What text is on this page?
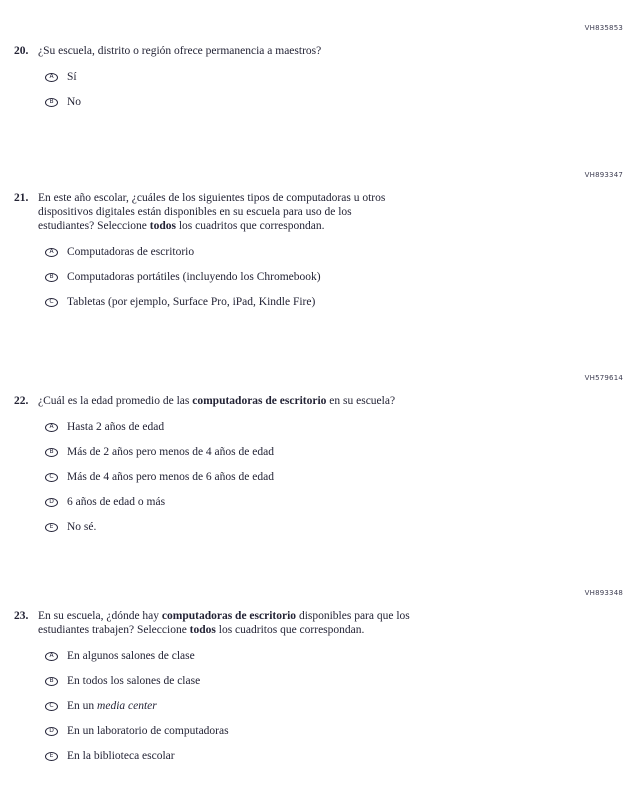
VH835853
20. ¿Su escuela, distrito o región ofrece permanencia a maestros?
A	Sí
B	No
VH893347
21. En este año escolar, ¿cuáles de los siguientes tipos de computadoras u otros
dispositivos digitales están disponibles en su escuela para uso de los
estudiantes? Seleccione todos los cuadritos que correspondan.
A	Computadoras de escritorio
B	Computadoras portátiles (incluyendo los Chromebook)
C	Tabletas (por ejemplo, Surface Pro, iPad, Kindle Fire)
VH579614
22. ¿Cuál es la edad promedio de las computadoras de escritorio en su escuela?
A	Hasta 2 años de edad
B	Más de 2 años pero menos de 4 años de edad
C	Más de 4 años pero menos de 6 años de edad
D	6 años de edad o más
E	No sé.
VH893348
23. En su escuela, ¿dónde hay computadoras de escritorio disponibles para que los
estudiantes trabajen? Seleccione todos los cuadritos que correspondan.
A	En algunos salones de clase
B	En todos los salones de clase
C	En un media center
D	En un laboratorio de computadoras
E	En la biblioteca escolar
